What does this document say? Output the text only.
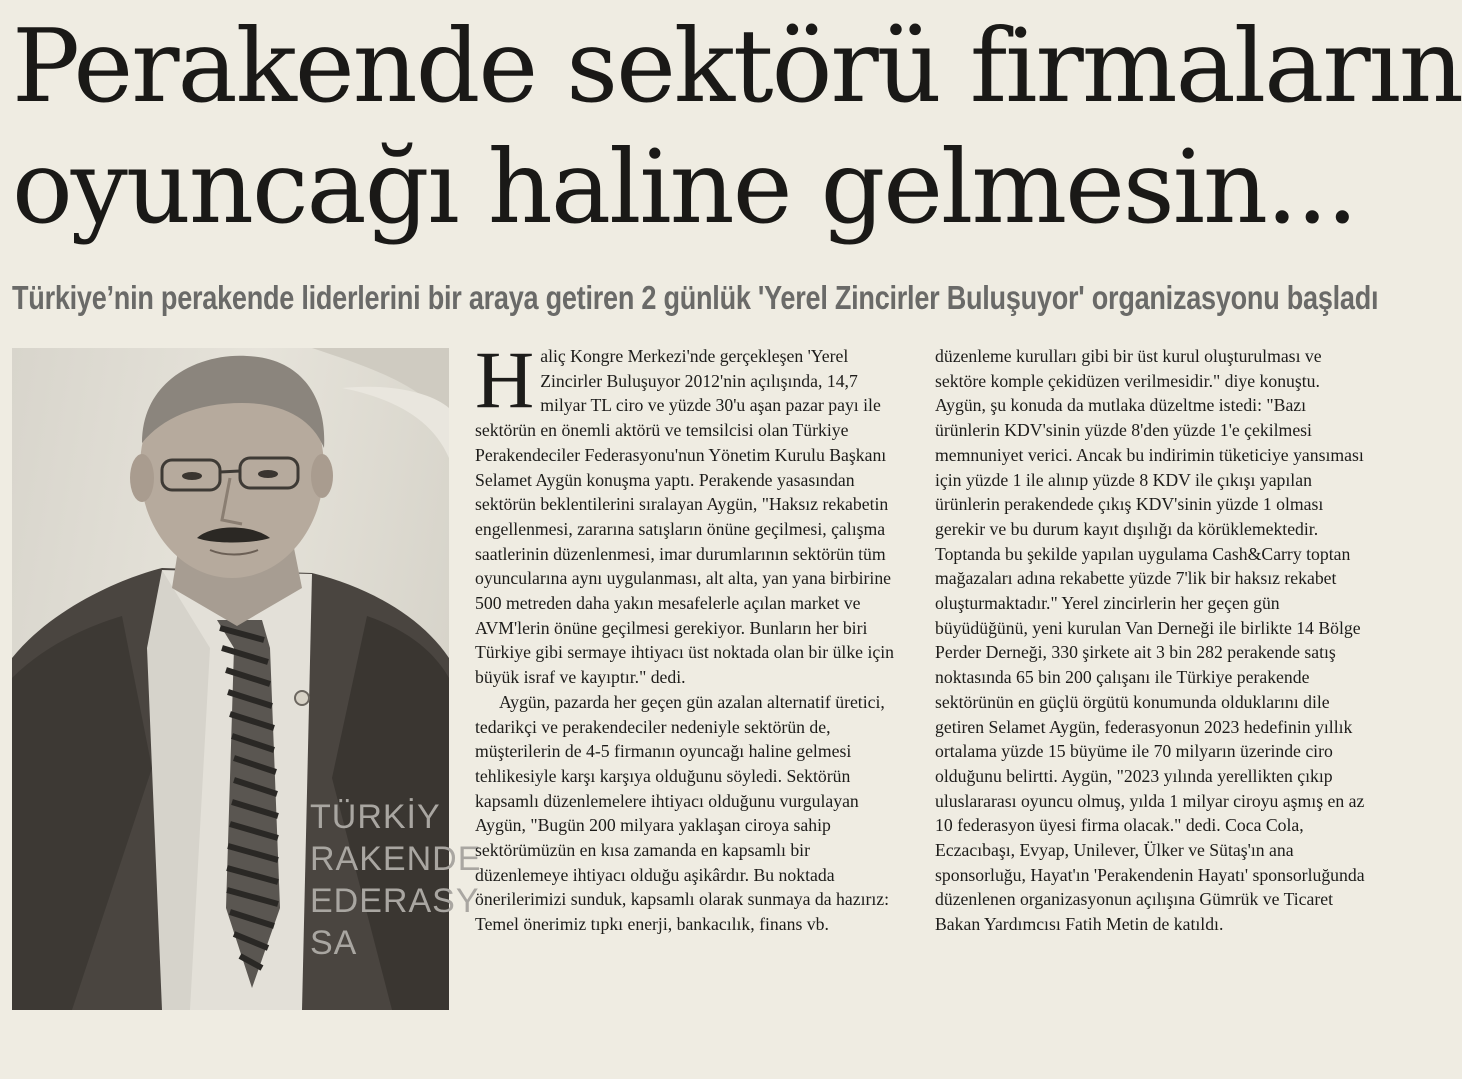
Perakende sektörü firmaların
oyuncağı haline gelmesin...
Türkiye’nin perakende liderlerini bir araya getiren 2 günlük 'Yerel Zincirler Buluşuyor' organizasyonu başladı
TÜRKİY
RAKENDE
EDERASY
SA

Haliç Kongre Merkezi'nde gerçekleşen 'Yerel Zincirler Buluşuyor 2012'nin açılışında, 14,7 milyar TL ciro ve yüzde 30'u aşan pazar payı ile sektörün en önemli aktörü ve temsilcisi olan Türkiye Perakendeciler Federasyonu'nun Yönetim Kurulu Başkanı Selamet Aygün konuşma yaptı. Perakende yasasından sektörün beklentilerini sıralayan Aygün, "Haksız rekabetin engellenmesi, zararına satışların önüne geçilmesi, çalışma saatlerinin düzenlenmesi, imar durumlarının sektörün tüm oyuncularına aynı uygulanması, alt alta, yan yana birbirine 500 metreden daha yakın mesafelerle açılan market ve AVM'lerin önüne geçilmesi gerekiyor. Bunların her biri Türkiye gibi sermaye ihtiyacı üst noktada olan bir ülke için büyük israf ve kayıptır." dedi.

Aygün, pazarda her geçen gün azalan alternatif üretici, tedarikçi ve perakendeciler nedeniyle sektörün de, müşterilerin de 4-5 firmanın oyuncağı haline gelmesi tehlikesiyle karşı karşıya olduğunu söyledi. Sektörün kapsamlı düzenlemelere ihtiyacı olduğunu vurgulayan Aygün, "Bugün 200 milyara yaklaşan ciroya sahip sektörümüzün en kısa zamanda en kapsamlı bir düzenlemeye ihtiyacı olduğu aşikârdır. Bu noktada önerilerimizi sunduk, kapsamlı olarak sunmaya da hazırız: Temel önerimiz tıpkı enerji, bankacılık, finans vb.

düzenleme kurulları gibi bir üst kurul oluşturulması ve sektöre komple çekidüzen verilmesidir." diye konuştu. Aygün, şu konuda da mutlaka düzeltme istedi: "Bazı ürünlerin KDV'sinin yüzde 8'den yüzde 1'e çekilmesi memnuniyet verici. Ancak bu indirimin tüketiciye yansıması için yüzde 1 ile alınıp yüzde 8 KDV ile çıkışı yapılan ürünlerin perakendede çıkış KDV'sinin yüzde 1 olması gerekir ve bu durum kayıt dışılığı da körüklemektedir. Toptanda bu şekilde yapılan uygulama Cash&Carry toptan mağazaları adına rekabette yüzde 7'lik bir haksız rekabet oluşturmaktadır." Yerel zincirlerin her geçen gün büyüdüğünü, yeni kurulan Van Derneği ile birlikte 14 Bölge Perder Derneği, 330 şirkete ait 3 bin 282 perakende satış noktasında 65 bin 200 çalışanı ile Türkiye perakende sektörünün en güçlü örgütü konumunda olduklarını dile getiren Selamet Aygün, federasyonun 2023 hedefinin yıllık ortalama yüzde 15 büyüme ile 70 milyarın üzerinde ciro olduğunu belirtti. Aygün, "2023 yılında yerellikten çıkıp uluslararası oyuncu olmuş, yılda 1 milyar ciroyu aşmış en az 10 federasyon üyesi firma olacak." dedi. Coca Cola, Eczacıbaşı, Evyap, Unilever, Ülker ve Sütaş'ın ana sponsorluğu, Hayat'ın 'Perakendenin Hayatı' sponsorluğunda düzenlenen organizasyonun açılışına Gümrük ve Ticaret Bakan Yardımcısı Fatih Metin de katıldı.
